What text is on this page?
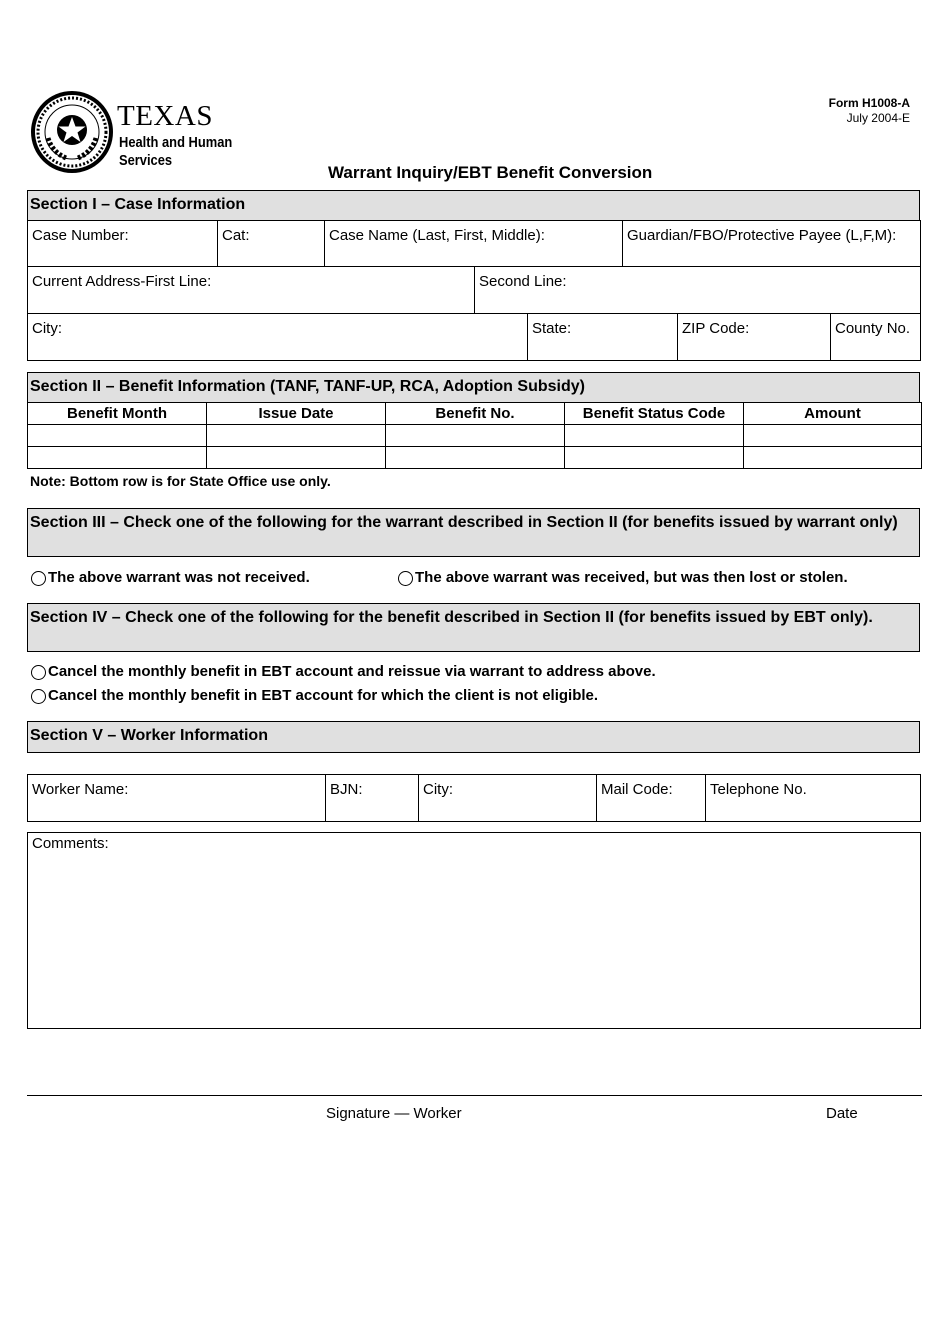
TEXAS
Health and Human
Services
Form H1008-A
July 2004-E
Warrant Inquiry/EBT Benefit Conversion
Section I – Case Information
Case Number:	Cat:	Case Name (Last, First, Middle):	Guardian/FBO/Protective Payee (L,F,M):
Current Address-First Line:	Second Line:
City:	State:	ZIP Code:	County No.
Section II – Benefit Information (TANF, TANF-UP, RCA, Adoption Subsidy)
Benefit Month	Issue Date	Benefit No.	Benefit Status Code	Amount

Note: Bottom row is for State Office use only.
Section III – Check one of the following for the warrant described in Section II (for benefits issued by warrant only)
The above warrant was not received.	The above warrant was received, but was then lost or stolen.
Section IV – Check one of the following for the benefit described in Section II (for benefits issued by EBT only).
Cancel the monthly benefit in EBT account and reissue via warrant to address above.
Cancel the monthly benefit in EBT account for which the client is not eligible.
Section V – Worker Information
Worker Name:	BJN:	City:	Mail Code:	Telephone No.
Comments:
Signature — Worker	Date
